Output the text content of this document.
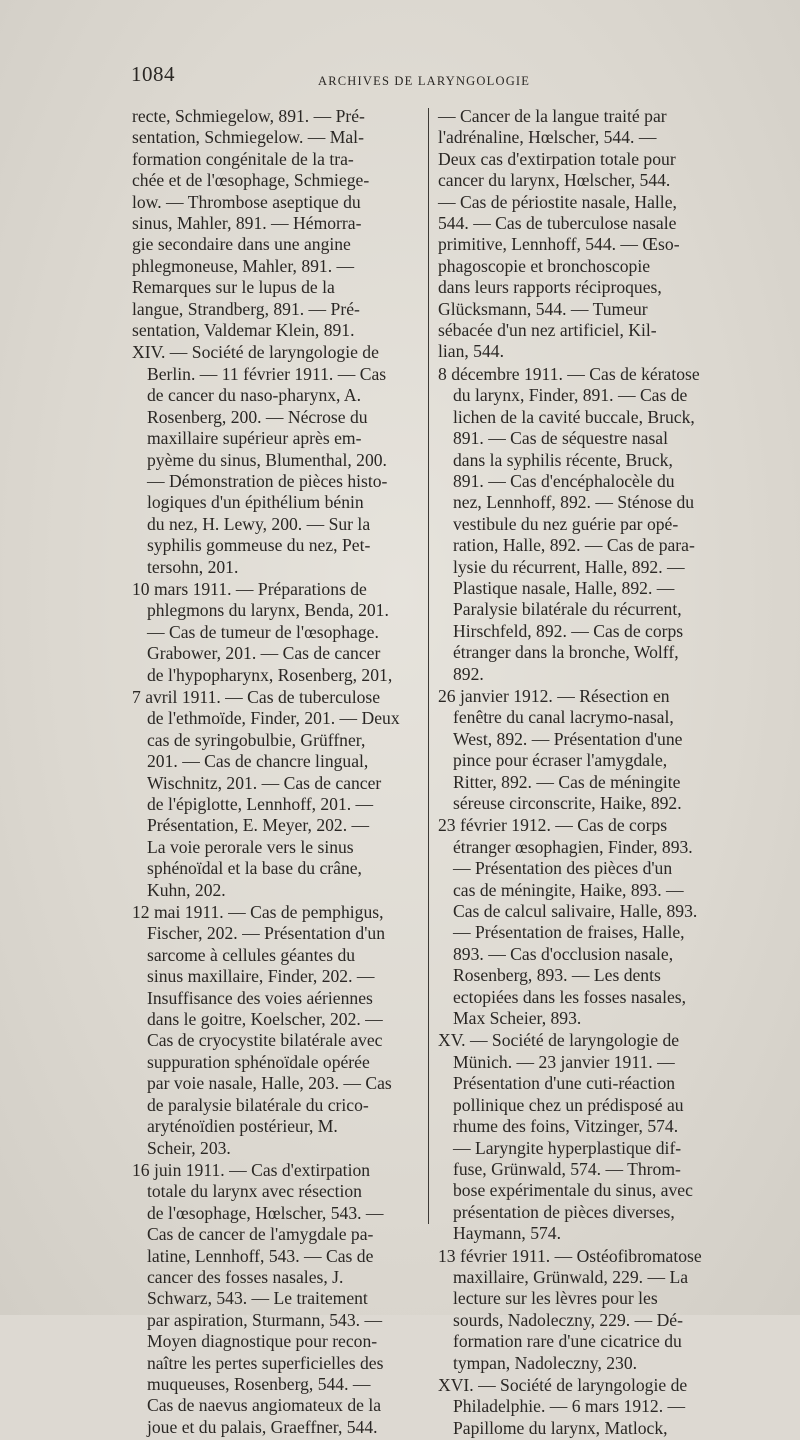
1084	ARCHIVES DE LARYNGOLOGIE

recte, Schmiegelow, 891. — Pré-
sentation, Schmiegelow. — Mal-
formation congénitale de la tra-
chée et de l'œsophage, Schmiege-
low. — Thrombose aseptique du
sinus, Mahler, 891. — Hémorra-
gie secondaire dans une angine
phlegmoneuse, Mahler, 891. —
Remarques sur le lupus de la
langue, Strandberg, 891. — Pré-
sentation, Valdemar Klein, 891.

XIV. — Société de laryngologie de
Berlin. — 11 février 1911. — Cas
de cancer du naso-pharynx, A.
Rosenberg, 200. — Nécrose du
maxillaire supérieur après em-
pyème du sinus, Blumenthal, 200.
— Démonstration de pièces histo-
logiques d'un épithélium bénin
du nez, H. Lewy, 200. — Sur la
syphilis gommeuse du nez, Pet-
tersohn, 201.

10 mars 1911. — Préparations de
phlegmons du larynx, Benda, 201.
— Cas de tumeur de l'œsophage.
Grabower, 201. — Cas de cancer
de l'hypopharynx, Rosenberg, 201,

7 avril 1911. — Cas de tuberculose
de l'ethmoïde, Finder, 201. — Deux
cas de syringobulbie, Grüffner,
201. — Cas de chancre lingual,
Wischnitz, 201. — Cas de cancer
de l'épiglotte, Lennhoff, 201. —
Présentation, E. Meyer, 202. —
La voie perorale vers le sinus
sphénoïdal et la base du crâne,
Kuhn, 202.

12 mai 1911. — Cas de pemphigus,
Fischer, 202. — Présentation d'un
sarcome à cellules géantes du
sinus maxillaire, Finder, 202. —
Insuffisance des voies aériennes
dans le goitre, Koelscher, 202. —
Cas de cryocystite bilatérale avec
suppuration sphénoïdale opérée
par voie nasale, Halle, 203. — Cas
de paralysie bilatérale du crico-
aryténoïdien postérieur, M.
Scheir, 203.

16 juin 1911. — Cas d'extirpation
totale du larynx avec résection
de l'œsophage, Hœlscher, 543. —
Cas de cancer de l'amygdale pa-
latine, Lennhoff, 543. — Cas de
cancer des fosses nasales, J.
Schwarz, 543. — Le traitement
par aspiration, Sturmann, 543. —
Moyen diagnostique pour recon-
naître les pertes superficielles des
muqueuses, Rosenberg, 544. —
Cas de naevus angiomateux de la
joue et du palais, Graeffner, 544.

— Cancer de la langue traité par
l'adrénaline, Hœlscher, 544. —
Deux cas d'extirpation totale pour
cancer du larynx, Hœlscher, 544.
— Cas de périostite nasale, Halle,
544. — Cas de tuberculose nasale
primitive, Lennhoff, 544. — Œso-
phagoscopie et bronchoscopie
dans leurs rapports réciproques,
Glücksmann, 544. — Tumeur
sébacée d'un nez artificiel, Kil-
lian, 544.

8 décembre 1911. — Cas de kératose
du larynx, Finder, 891. — Cas de
lichen de la cavité buccale, Bruck,
891. — Cas de séquestre nasal
dans la syphilis récente, Bruck,
891. — Cas d'encéphalocèle du
nez, Lennhoff, 892. — Sténose du
vestibule du nez guérie par opé-
ration, Halle, 892. — Cas de para-
lysie du récurrent, Halle, 892. —
Plastique nasale, Halle, 892. —
Paralysie bilatérale du récurrent,
Hirschfeld, 892. — Cas de corps
étranger dans la bronche, Wolff,
892.

26 janvier 1912. — Résection en
fenêtre du canal lacrymo-nasal,
West, 892. — Présentation d'une
pince pour écraser l'amygdale,
Ritter, 892. — Cas de méningite
séreuse circonscrite, Haike, 892.

23 février 1912. — Cas de corps
étranger œsophagien, Finder, 893.
— Présentation des pièces d'un
cas de méningite, Haike, 893. —
Cas de calcul salivaire, Halle, 893.
— Présentation de fraises, Halle,
893. — Cas d'occlusion nasale,
Rosenberg, 893. — Les dents
ectopiées dans les fosses nasales,
Max Scheier, 893.

XV. — Société de laryngologie de
Münich. — 23 janvier 1911. —
Présentation d'une cuti-réaction
pollinique chez un prédisposé au
rhume des foins, Vitzinger, 574.
— Laryngite hyperplastique dif-
fuse, Grünwald, 574. — Throm-
bose expérimentale du sinus, avec
présentation de pièces diverses,
Haymann, 574.

13 février 1911. — Ostéofibromatose
maxillaire, Grünwald, 229. — La
lecture sur les lèvres pour les
sourds, Nadoleczny, 229. — Dé-
formation rare d'une cicatrice du
tympan, Nadoleczny, 230.

XVI. — Société de laryngologie de
Philadelphie. — 6 mars 1912. —
Papillome du larynx, Matlock,
